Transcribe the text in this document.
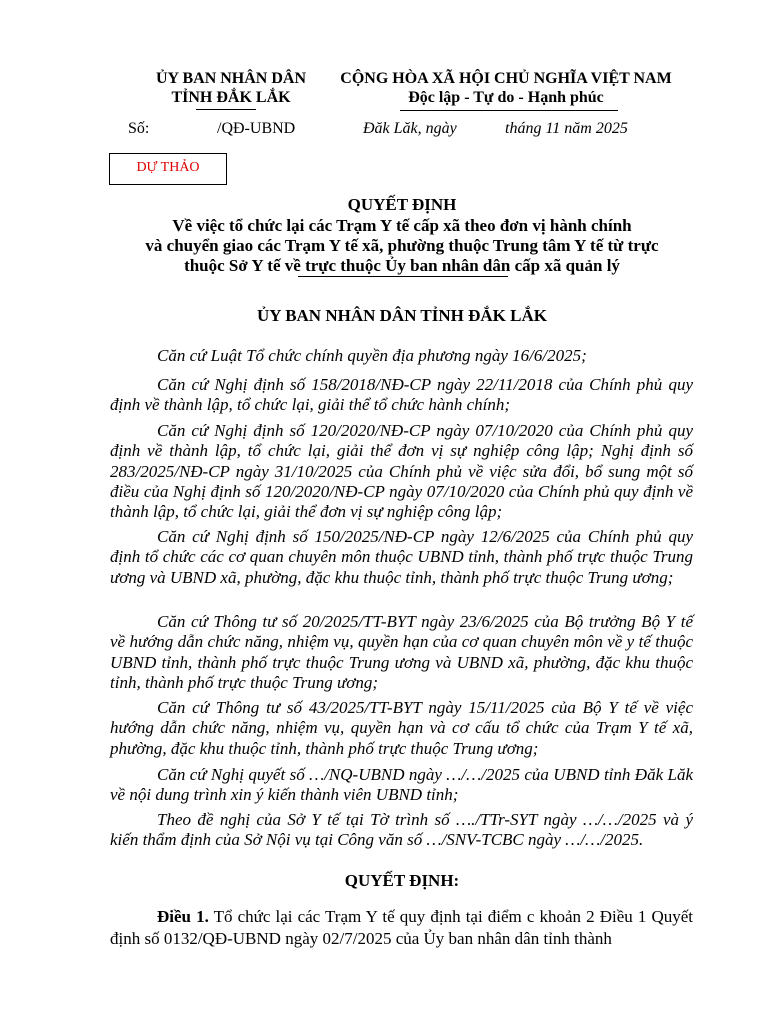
ỦY BAN NHÂN DÂN
TỈNH ĐẮK LẮK
CỘNG HÒA XÃ HỘI CHỦ NGHĨA VIỆT NAM
Độc lập - Tự do - Hạnh phúc
Số:	/QĐ-UBND	Đăk Lăk, ngày	tháng 11 năm 2025
DỰ THẢO
QUYẾT ĐỊNH
Về việc tổ chức lại các Trạm Y tế cấp xã theo đơn vị hành chính
và chuyển giao các Trạm Y tế xã, phường thuộc Trung tâm Y tế từ trực
thuộc Sở Y tế về trực thuộc Ủy ban nhân dân cấp xã quản lý
ỦY BAN NHÂN DÂN TỈNH ĐẮK LẮK

Căn cứ Luật Tổ chức chính quyền địa phương ngày 16/6/2025;

Căn cứ Nghị định số 158/2018/NĐ-CP ngày 22/11/2018 của Chính phủ quy định về thành lập, tổ chức lại, giải thể tổ chức hành chính;

Căn cứ Nghị định số 120/2020/NĐ-CP ngày 07/10/2020 của Chính phủ quy định về thành lập, tổ chức lại, giải thể đơn vị sự nghiệp công lập; Nghị định số 283/2025/NĐ-CP ngày 31/10/2025 của Chính phủ về việc sửa đổi, bổ sung một số điều của Nghị định số 120/2020/NĐ-CP ngày 07/10/2020 của Chính phủ quy định về thành lập, tổ chức lại, giải thể đơn vị sự nghiệp công lập;

Căn cứ Nghị định số 150/2025/NĐ-CP ngày 12/6/2025 của Chính phủ quy định tổ chức các cơ quan chuyên môn thuộc UBND tỉnh, thành phố trực thuộc Trung ương và UBND xã, phường, đặc khu thuộc tỉnh, thành phố trực thuộc Trung ương;

Căn cứ Thông tư số 20/2025/TT-BYT ngày 23/6/2025 của Bộ trưởng Bộ Y tế về hướng dẫn chức năng, nhiệm vụ, quyền hạn của cơ quan chuyên môn về y tế thuộc UBND tỉnh, thành phố trực thuộc Trung ương và UBND xã, phường, đặc khu thuộc tỉnh, thành phố trực thuộc Trung ương;

Căn cứ Thông tư số 43/2025/TT-BYT ngày 15/11/2025 của Bộ Y tế về việc hướng dẫn chức năng, nhiệm vụ, quyền hạn và cơ cấu tổ chức của Trạm Y tế xã, phường, đặc khu thuộc tỉnh, thành phố trực thuộc Trung ương;

Căn cứ Nghị quyết số …/NQ-UBND ngày …/…/2025 của UBND tỉnh Đăk Lăk về nội dung trình xin ý kiến thành viên UBND tỉnh;

Theo đề nghị của Sở Y tế tại Tờ trình số …./TTr-SYT ngày …/…/2025 và ý kiến thẩm định của Sở Nội vụ tại Công văn số …/SNV-TCBC ngày …/…/2025.

QUYẾT ĐỊNH:

Điều 1. Tổ chức lại các Trạm Y tế quy định tại điểm c khoản 2 Điều 1 Quyết định số 0132/QĐ-UBND ngày 02/7/2025 của Ủy ban nhân dân tỉnh thành
